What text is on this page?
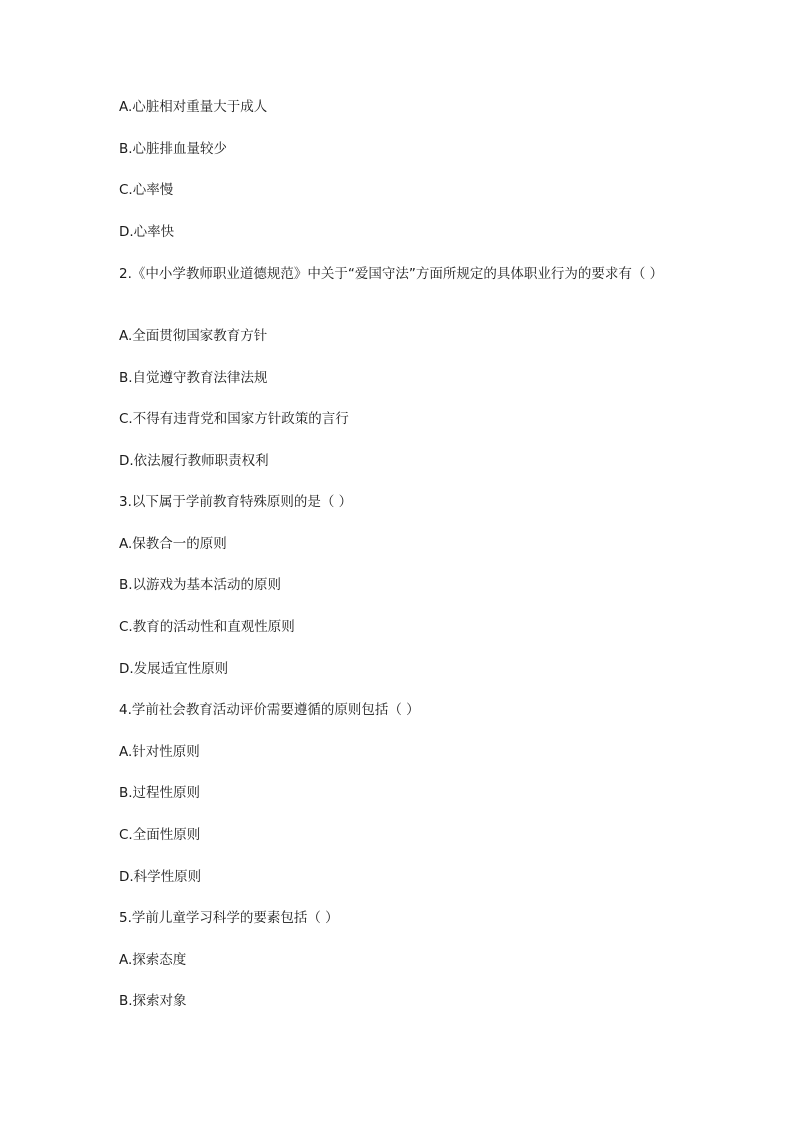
A.心脏相对重量大于成人
B.心脏排血量较少
C.心率慢
D.心率快
2.《中小学教师职业道德规范》中关于“爱国守法”方面所规定的具体职业行为的要求有（ ）
A.全面贯彻国家教育方针
B.自觉遵守教育法律法规
C.不得有违背党和国家方针政策的言行
D.依法履行教师职责权利
3.以下属于学前教育特殊原则的是（ ）
A.保教合一的原则
B.以游戏为基本活动的原则
C.教育的活动性和直观性原则
D.发展适宜性原则
4.学前社会教育活动评价需要遵循的原则包括（ ）
A.针对性原则
B.过程性原则
C.全面性原则
D.科学性原则
5.学前儿童学习科学的要素包括（ ）
A.探索态度
B.探索对象
